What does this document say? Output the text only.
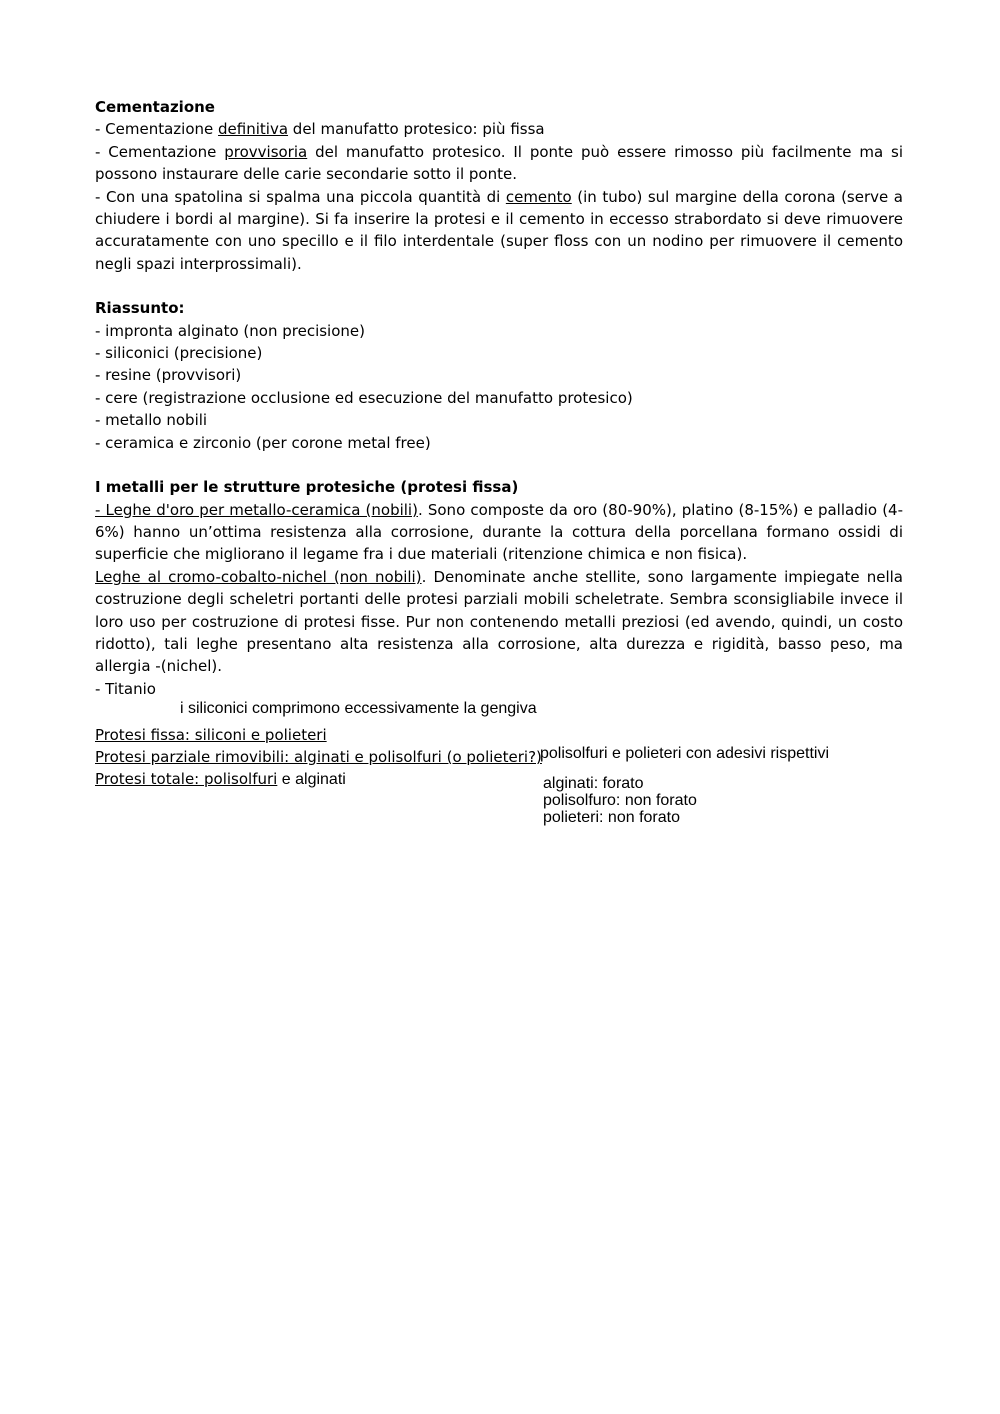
Cementazione

- Cementazione definitiva del manufatto protesico: più fissa

- Cementazione provvisoria del manufatto protesico. Il ponte può essere rimosso più facilmente ma si possono instaurare delle carie secondarie sotto il ponte.

- Con una spatolina si spalma una piccola quantità di cemento (in tubo) sul margine della corona (serve a chiudere i bordi al margine). Si fa inserire la protesi e il cemento in eccesso strabordato si deve rimuovere accuratamente con uno specillo e il filo interdentale (super floss con un nodino per rimuovere il cemento negli spazi interprossimali).

Riassunto:

- impronta alginato (non precisione)
- siliconici (precisione)
- resine (provvisori)
- cere (registrazione occlusione ed esecuzione del manufatto protesico)
- metallo nobili
- ceramica e zirconio (per corone metal free)

I metalli per le strutture protesiche (protesi fissa)

- Leghe d'oro per metallo-ceramica (nobili). Sono composte da oro (80-90%), platino (8-15%) e palladio (4-6%) hanno un’ottima resistenza alla corrosione, durante la cottura della porcellana formano ossidi di superficie che migliorano il legame fra i due materiali (ritenzione chimica e non fisica).

Leghe al cromo-cobalto-nichel (non nobili). Denominate anche stellite, sono largamente impiegate nella costruzione degli scheletri portanti delle protesi parziali mobili scheletrate. Sembra sconsigliabile invece il loro uso per costruzione di protesi fisse. Pur non contenendo metalli preziosi (ed avendo, quindi, un costo ridotto), tali leghe presentano alta resistenza alla corrosione, alta durezza e rigidità, basso peso, ma allergia -(nichel).

- Titanio

i siliconici comprimono eccessivamente la gengiva
Protesi fissa: siliconi e polieteri
Protesi parziale rimovibili: alginati e polisolfuri (o polieteri?)
polisolfuri e polieteri con adesivi rispettivi
Protesi totale: polisolfuri e alginati	alginati: forato
polisolfuro: non forato
polieteri: non forato
